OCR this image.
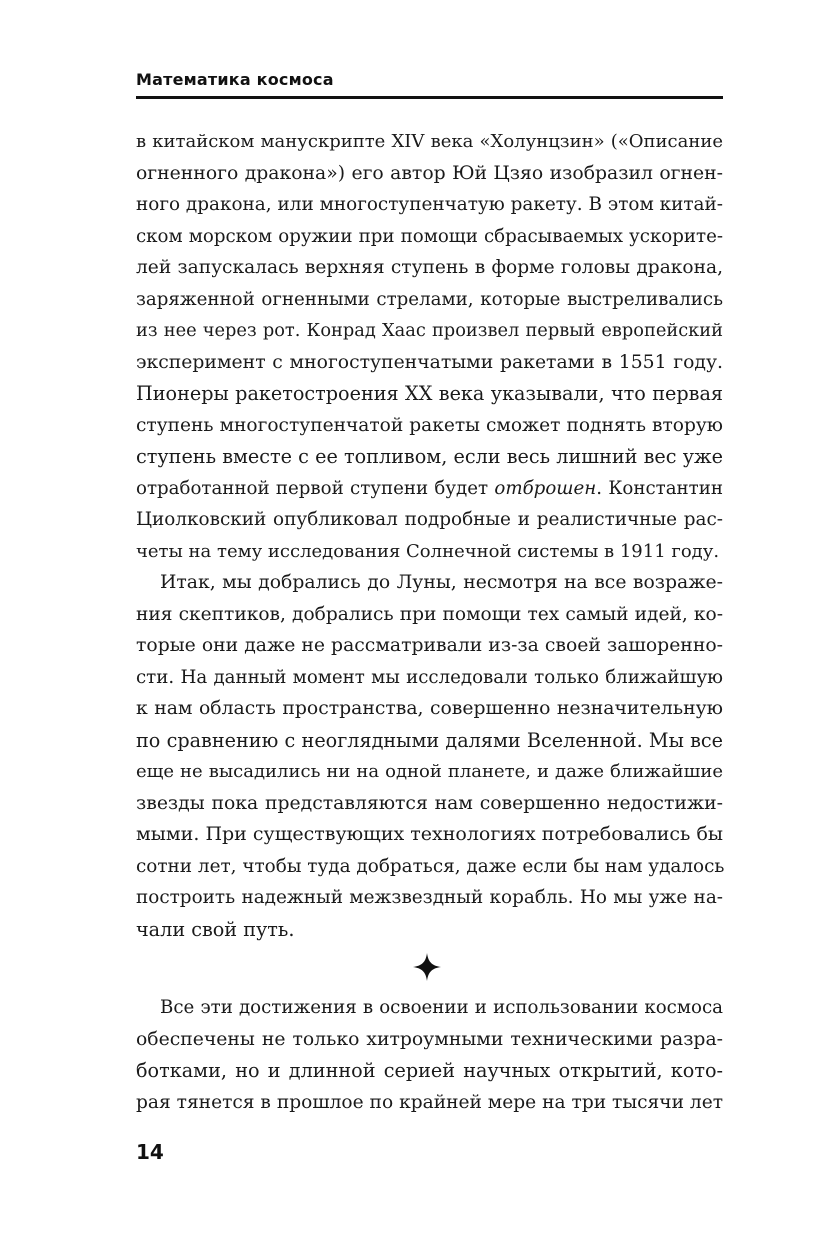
Математика космоса
в китайском манускрипте XIV века «Холунцзин» («Описание
огненного дракона») его автор Юй Цзяо изобразил огнен-
ного дракона, или многоступенчатую ракету. В этом китай-
ском морском оружии при помощи сбрасываемых ускорите-
лей запускалась верхняя ступень в форме головы дракона,
заряженной огненными стрелами, которые выстреливались
из нее через рот. Конрад Хаас произвел первый европейский
эксперимент с многоступенчатыми ракетами в 1551 году.
Пионеры ракетостроения XX века указывали, что первая
ступень многоступенчатой ракеты сможет поднять вторую
ступень вместе с ее топливом, если весь лишний вес уже
отработанной первой ступени будет отброшен. Константин
Циолковский опубликовал подробные и реалистичные рас-
четы на тему исследования Солнечной системы в 1911 году.
Итак, мы добрались до Луны, несмотря на все возраже-
ния скептиков, добрались при помощи тех самый идей, ко-
торые они даже не рассматривали из-за своей зашоренно-
сти. На данный момент мы исследовали только ближайшую
к нам область пространства, совершенно незначительную
по сравнению с неоглядными далями Вселенной. Мы все
еще не высадились ни на одной планете, и даже ближайшие
звезды пока представляются нам совершенно недостижи-
мыми. При существующих технологиях потребовались бы
сотни лет, чтобы туда добраться, даже если бы нам удалось
построить надежный межзвездный корабль. Но мы уже на-
чали свой путь.
Все эти достижения в освоении и использовании космоса
обеспечены не только хитроумными техническими разра-
ботками, но и длинной серией научных открытий, кото-
рая тянется в прошлое по крайней мере на три тысячи лет
14
